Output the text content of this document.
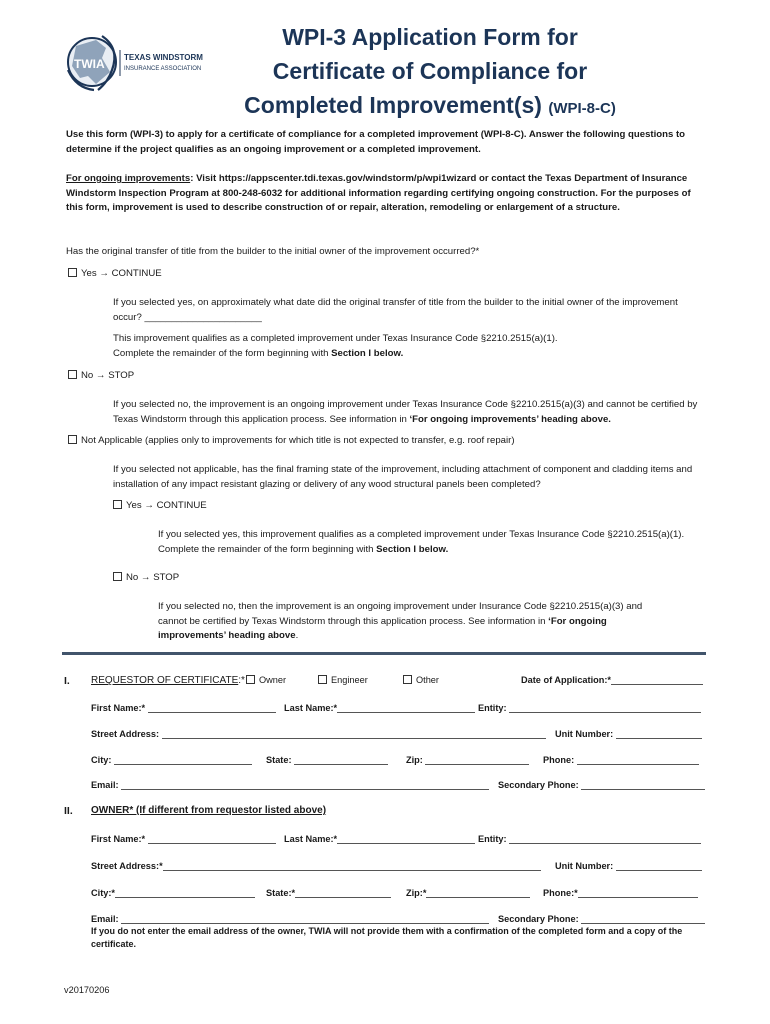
TWIA TEXAS WINDSTORM
INSURANCE ASSOCIATION
WPI-3 Application Form for
Certificate of Compliance for
Completed Improvement(s) (WPI-8-C)

Use this form (WPI-3) to apply for a certificate of compliance for a completed improvement (WPI-8-C). Answer the following questions to determine if the project qualifies as an ongoing improvement or a completed improvement.

For ongoing improvements: Visit https://appscenter.tdi.texas.gov/windstorm/p/wpi1wizard or contact the Texas Department of Insurance Windstorm Inspection Program at 800-248-6032 for additional information regarding certifying ongoing construction. For the purposes of this form, improvement is used to describe construction of or repair, alteration, remodeling or enlargement of a structure.

Has the original transfer of title from the builder to the initial owner of the improvement occurred?*

Yes → CONTINUE

If you selected yes, on approximately what date did the original transfer of title from the builder to the initial owner of the improvement occur? ______________________

This improvement qualifies as a completed improvement under Texas Insurance Code §2210.2515(a)(1).
Complete the remainder of the form beginning with Section I below.

No → STOP

If you selected no, the improvement is an ongoing improvement under Texas Insurance Code §2210.2515(a)(3) and cannot be certified by Texas Windstorm through this application process. See information in ‘For ongoing improvements’ heading above.

Not Applicable (applies only to improvements for which title is not expected to transfer, e.g. roof repair)

If you selected not applicable, has the final framing state of the improvement, including attachment of component and cladding items and installation of any impact resistant glazing or delivery of any wood structural panels been completed?

Yes → CONTINUE

If you selected yes, this improvement qualifies as a completed improvement under Texas Insurance Code §2210.2515(a)(1). Complete the remainder of the form beginning with Section I below.

No → STOP

If you selected no, then the improvement is an ongoing improvement under Insurance Code §2210.2515(a)(3) and cannot be certified by Texas Windstorm through this application process. See information in ‘For ongoing improvements’ heading above.

I. REQUESTOR OF CERTIFICATE:*	Owner	Engineer	Other	Date of Application:*
First Name:*	Last Name:*	Entity:
Street Address:	Unit Number:
City:	State:	Zip:	Phone:
Email:	Secondary Phone:
II. OWNER* (If different from requestor listed above)
First Name:*	Last Name:*	Entity:
Street Address:*	Unit Number:
City:*	State:*	Zip:*	Phone:*
Email:	Secondary Phone:

If you do not enter the email address of the owner, TWIA will not provide them with a confirmation of the completed form and a copy of the certificate.

v20170206
